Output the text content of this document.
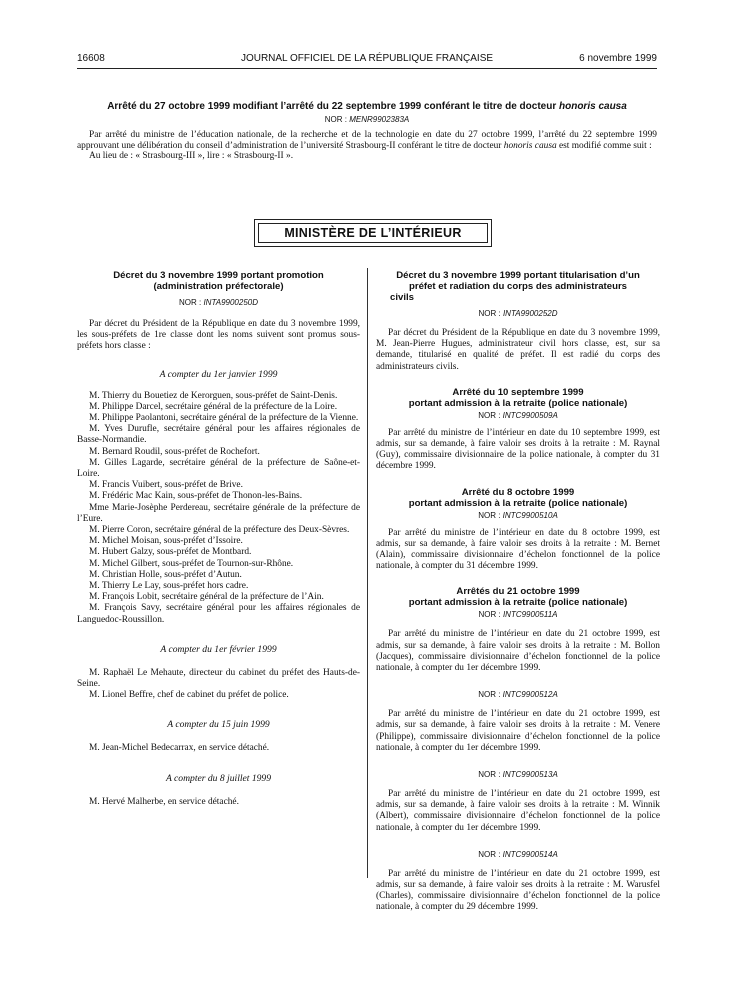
16608	JOURNAL OFFICIEL DE LA RÉPUBLIQUE FRANÇAISE	6 novembre 1999
Arrêté du 27 octobre 1999 modifiant l’arrêté du 22 septembre 1999 conférant le titre de docteur honoris causa
NOR : MENR9902383A

Par arrêté du ministre de l’éducation nationale, de la recherche et de la technologie en date du 27 octobre 1999, l’arrêté du 22 septembre 1999 approuvant une délibération du conseil d’administration de l’université Strasbourg-II conférant le titre de docteur honoris causa est modifié comme suit :

Au lieu de : « Strasbourg-III », lire : « Strasbourg-II ».

MINISTÈRE DE L’INTÉRIEUR
Décret du 3 novembre 1999 portant promotion
(administration préfectorale)
NOR : INTA9900250D

Par décret du Président de la République en date du 3 novembre 1999, les sous-préfets de 1re classe dont les noms suivent sont promus sous-préfets hors classe :

A compter du 1er janvier 1999

M. Thierry du Bouetiez de Kerorguen, sous-préfet de Saint-Denis.

M. Philippe Darcel, secrétaire général de la préfecture de la Loire.

M. Philippe Paolantoni, secrétaire général de la préfecture de la Vienne.

M. Yves Durufle, secrétaire général pour les affaires régionales de Basse-Normandie.

M. Bernard Roudil, sous-préfet de Rochefort.

M. Gilles Lagarde, secrétaire général de la préfecture de Saône-et-Loire.

M. Francis Vuibert, sous-préfet de Brive.

M. Frédéric Mac Kain, sous-préfet de Thonon-les-Bains.

Mme Marie-Josèphe Perdereau, secrétaire générale de la préfecture de l’Eure.

M. Pierre Coron, secrétaire général de la préfecture des Deux-Sèvres.

M. Michel Moisan, sous-préfet d’Issoire.

M. Hubert Galzy, sous-préfet de Montbard.

M. Michel Gilbert, sous-préfet de Tournon-sur-Rhône.

M. Christian Holle, sous-préfet d’Autun.

M. Thierry Le Lay, sous-préfet hors cadre.

M. François Lobit, secrétaire général de la préfecture de l’Ain.

M. François Savy, secrétaire général pour les affaires régionales de Languedoc-Roussillon.

A compter du 1er février 1999

M. Raphaël Le Mehaute, directeur du cabinet du préfet des Hauts-de-Seine.

M. Lionel Beffre, chef de cabinet du préfet de police.

A compter du 15 juin 1999

M. Jean-Michel Bedecarrax, en service détaché.

A compter du 8 juillet 1999

M. Hervé Malherbe, en service détaché.

Décret du 3 novembre 1999 portant titularisation d’un
préfet et radiation du corps des administrateurs
civils
NOR : INTA9900252D

Par décret du Président de la République en date du 3 novembre 1999, M. Jean-Pierre Hugues, administrateur civil hors classe, est, sur sa demande, titularisé en qualité de préfet. Il est radié du corps des administrateurs civils.

Arrêté du 10 septembre 1999
portant admission à la retraite (police nationale)
NOR : INTC9900509A

Par arrêté du ministre de l’intérieur en date du 10 septembre 1999, est admis, sur sa demande, à faire valoir ses droits à la retraite : M. Raynal (Guy), commissaire divisionnaire de la police nationale, à compter du 31 décembre 1999.

Arrêté du 8 octobre 1999
portant admission à la retraite (police nationale)
NOR : INTC9900510A

Par arrêté du ministre de l’intérieur en date du 8 octobre 1999, est admis, sur sa demande, à faire valoir ses droits à la retraite : M. Bernet (Alain), commissaire divisionnaire d’échelon fonctionnel de la police nationale, à compter du 31 décembre 1999.

Arrêtés du 21 octobre 1999
portant admission à la retraite (police nationale)
NOR : INTC9900511A

Par arrêté du ministre de l’intérieur en date du 21 octobre 1999, est admis, sur sa demande, à faire valoir ses droits à la retraite : M. Bollon (Jacques), commissaire divisionnaire d’échelon fonctionnel de la police nationale, à compter du 1er décembre 1999.

NOR : INTC9900512A

Par arrêté du ministre de l’intérieur en date du 21 octobre 1999, est admis, sur sa demande, à faire valoir ses droits à la retraite : M. Venere (Philippe), commissaire divisionnaire d’échelon fonctionnel de la police nationale, à compter du 1er décembre 1999.

NOR : INTC9900513A

Par arrêté du ministre de l’intérieur en date du 21 octobre 1999, est admis, sur sa demande, à faire valoir ses droits à la retraite : M. Winnik (Albert), commissaire divisionnaire d’échelon fonctionnel de la police nationale, à compter du 1er décembre 1999.

NOR : INTC9900514A

Par arrêté du ministre de l’intérieur en date du 21 octobre 1999, est admis, sur sa demande, à faire valoir ses droits à la retraite : M. Warusfel (Charles), commissaire divisionnaire d’échelon fonctionnel de la police nationale, à compter du 29 décembre 1999.
